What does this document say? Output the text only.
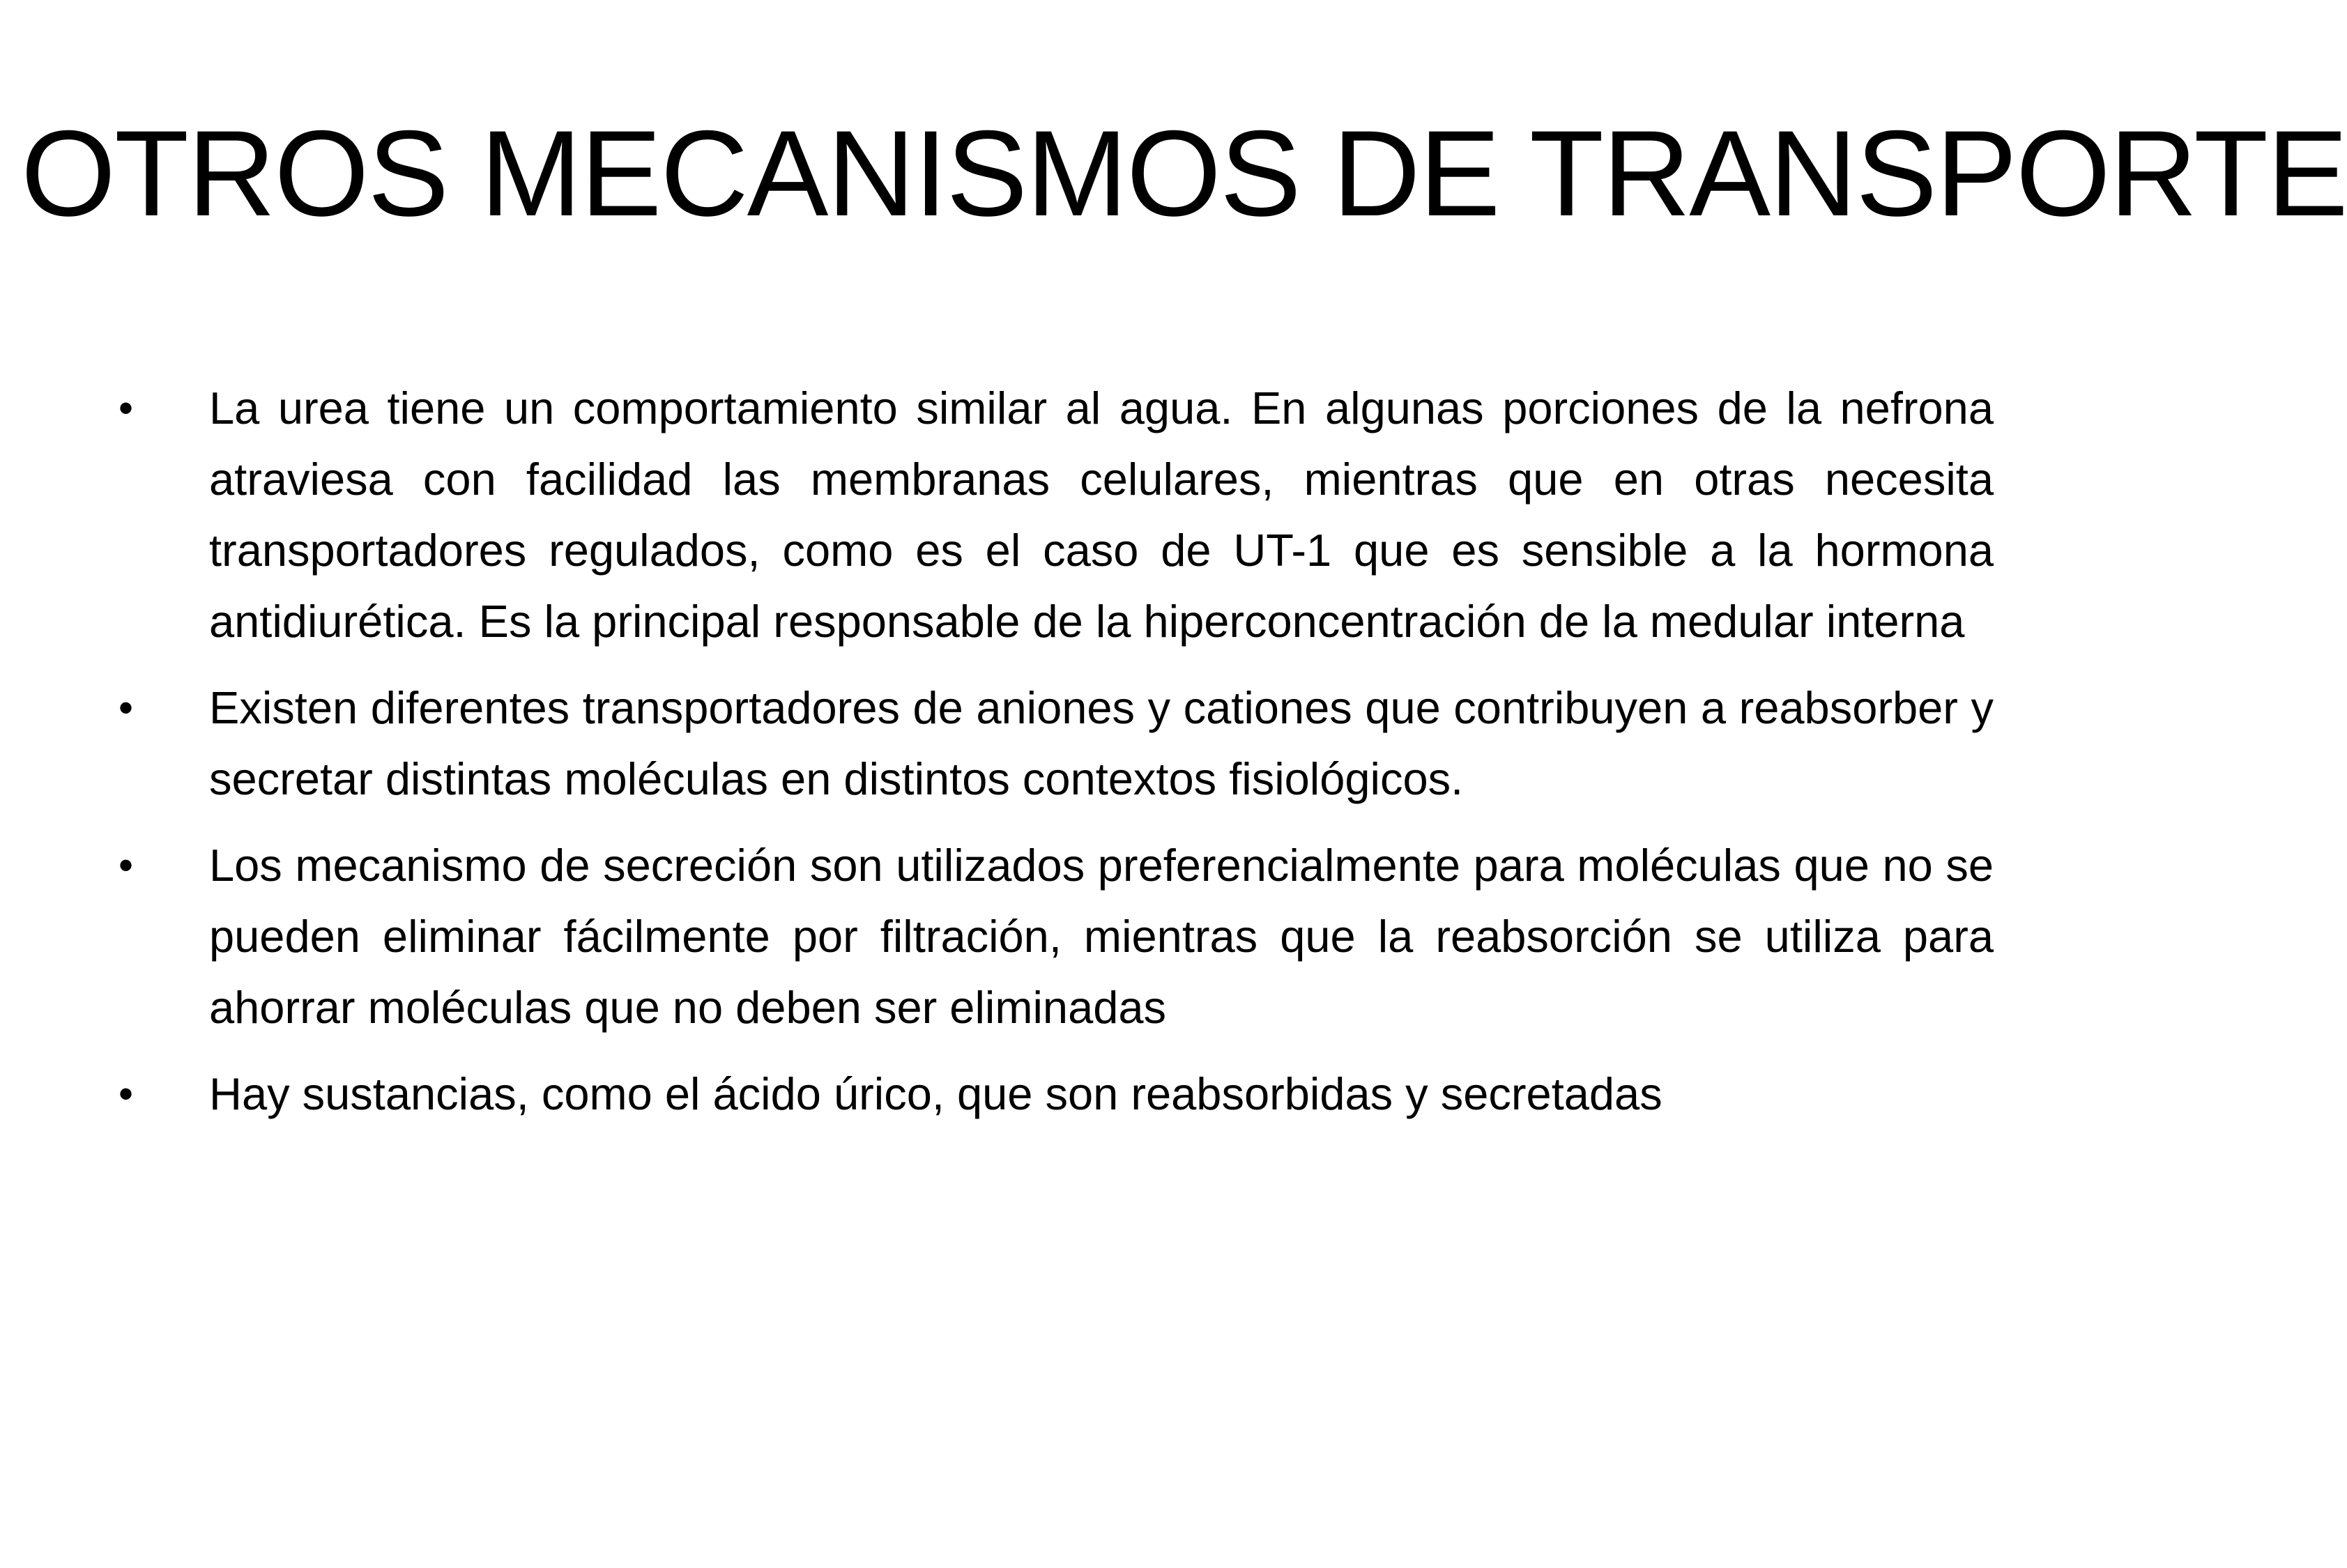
OTROS MECANISMOS DE TRANSPORTE
•	La urea tiene un comportamiento similar al agua. En algunas porciones de la nefrona atraviesa con facilidad las membranas celulares, mientras que en otras necesita transportadores regulados, como es el caso de UT-1 que es sensible a la hormona antidiurética. Es la principal responsable de la hiperconcentración de la medular interna
•	Existen diferentes transportadores de aniones y cationes que contribuyen a reabsorber y secretar distintas moléculas en distintos contextos fisiológicos.
•	Los mecanismo de secreción son utilizados preferencialmente para moléculas que no se pueden eliminar fácilmente por filtración, mientras que la reabsorción se utiliza para ahorrar moléculas que no deben ser eliminadas
•	Hay sustancias, como el ácido úrico, que son reabsorbidas y secretadas
